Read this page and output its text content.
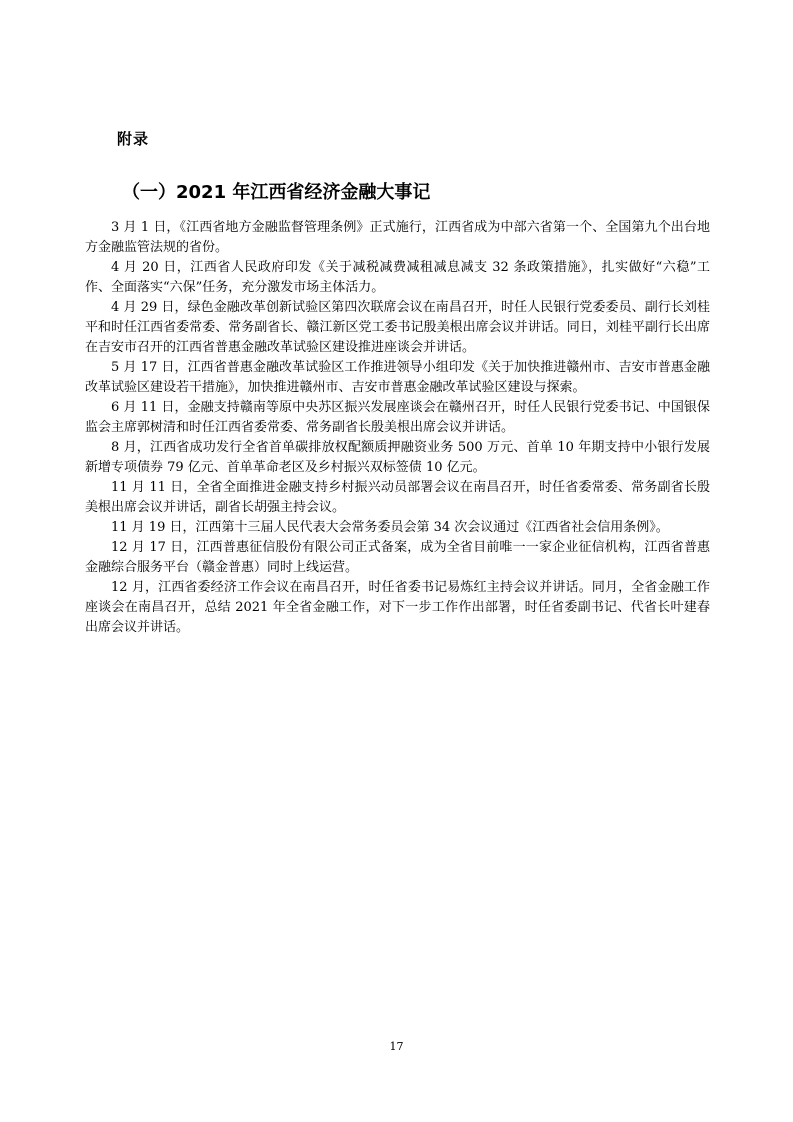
附录
（一）2021 年江西省经济金融大事记

3 月 1 日，《江西省地方金融监督管理条例》正式施行，江西省成为中部六省第一个、全国第九个出台地方金融监管法规的省份。

4 月 20 日，江西省人民政府印发《关于减税减费减租减息减支 32 条政策措施》，扎实做好“六稳”工作、全面落实“六保”任务，充分激发市场主体活力。

4 月 29 日，绿色金融改革创新试验区第四次联席会议在南昌召开，时任人民银行党委委员、副行长刘桂平和时任江西省委常委、常务副省长、赣江新区党工委书记殷美根出席会议并讲话。同日，刘桂平副行长出席在吉安市召开的江西省普惠金融改革试验区建设推进座谈会并讲话。

5 月 17 日，江西省普惠金融改革试验区工作推进领导小组印发《关于加快推进赣州市、吉安市普惠金融改革试验区建设若干措施》，加快推进赣州市、吉安市普惠金融改革试验区建设与探索。

6 月 11 日，金融支持赣南等原中央苏区振兴发展座谈会在赣州召开，时任人民银行党委书记、中国银保监会主席郭树清和时任江西省委常委、常务副省长殷美根出席会议并讲话。

8 月，江西省成功发行全省首单碳排放权配额质押融资业务 500 万元、首单 10 年期支持中小银行发展新增专项债券 79 亿元、首单革命老区及乡村振兴双标签债 10 亿元。

11 月 11 日，全省全面推进金融支持乡村振兴动员部署会议在南昌召开，时任省委常委、常务副省长殷美根出席会议并讲话，副省长胡强主持会议。

11 月 19 日，江西第十三届人民代表大会常务委员会第 34 次会议通过《江西省社会信用条例》。

12 月 17 日，江西普惠征信股份有限公司正式备案，成为全省目前唯一一家企业征信机构，江西省普惠金融综合服务平台（赣金普惠）同时上线运营。

12 月，江西省委经济工作会议在南昌召开，时任省委书记易炼红主持会议并讲话。同月，全省金融工作座谈会在南昌召开，总结 2021 年全省金融工作，对下一步工作作出部署，时任省委副书记、代省长叶建春出席会议并讲话。

17
